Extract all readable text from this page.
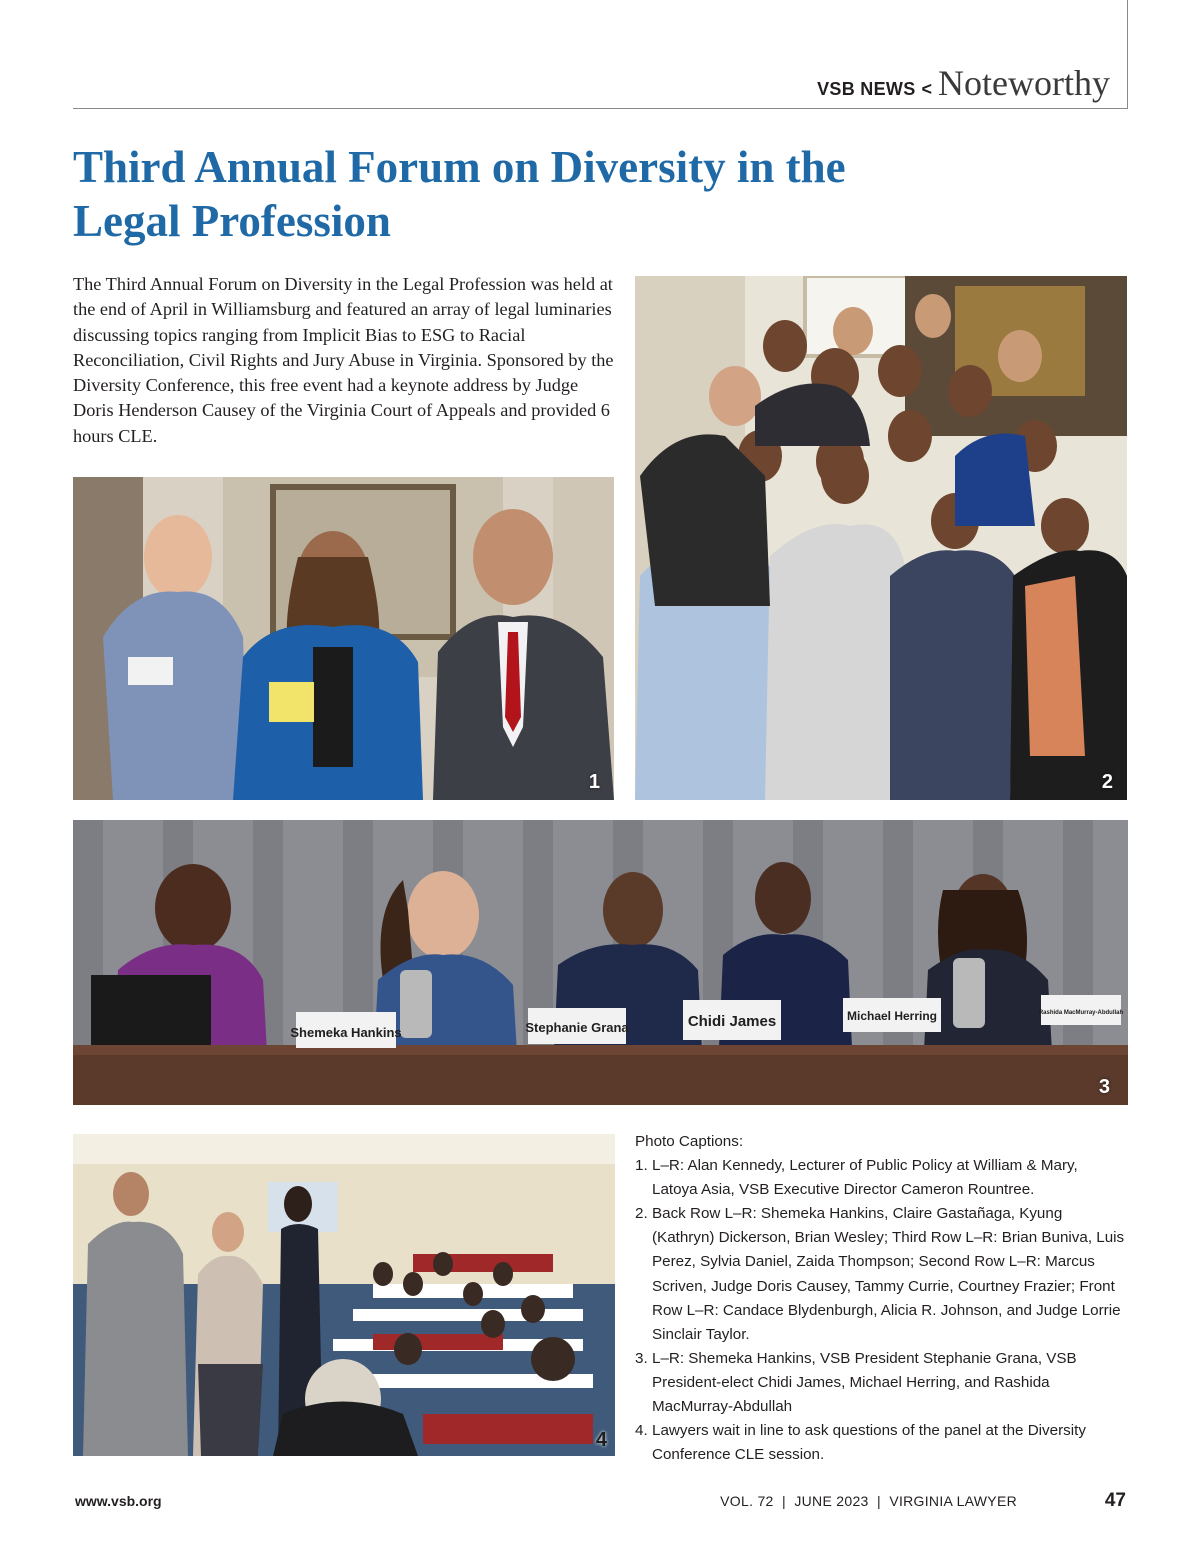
VSB NEWS < Noteworthy
Third Annual Forum on Diversity in the
Legal Profession

The Third Annual Forum on Diversity in the Legal Profession was held at the end of April in Williamsburg and featured an array of legal luminaries discussing topics ranging from Implicit Bias to ESG to Racial Reconciliation, Civil Rights and Jury Abuse in Virginia. Sponsored by the Diversity Conference, this free event had a keynote address by Judge Doris Henderson Causey of the Virginia Court of Appeals and provided 6 hours CLE.

1	2
Shemeka Hankins	Stephanie Grana	Chidi James	Michael Herring	Rashida MacMurray-Abdullah
3
4
Photo Captions:
1. L–R: Alan Kennedy, Lecturer of Public Policy at William & Mary, Latoya Asia, VSB Executive Director Cameron Rountree.
2. Back Row L–R: Shemeka Hankins, Claire Gastañaga, Kyung (Kathryn) Dickerson, Brian Wesley; Third Row L–R: Brian Buniva, Luis Perez, Sylvia Daniel, Zaida Thompson; Second Row L–R: Marcus Scriven, Judge Doris Causey, Tammy Currie, Courtney Frazier; Front Row L–R: Candace Blydenburgh, Alicia R. Johnson, and Judge Lorrie Sinclair Taylor.
3. L–R: Shemeka Hankins, VSB President Stephanie Grana, VSB President-elect Chidi James, Michael Herring, and Rashida MacMurray-Abdullah
4. Lawyers wait in line to ask questions of the panel at the Diversity Conference CLE session.
www.vsb.org	VOL. 72  |  JUNE 2023  |  VIRGINIA LAWYER	47
